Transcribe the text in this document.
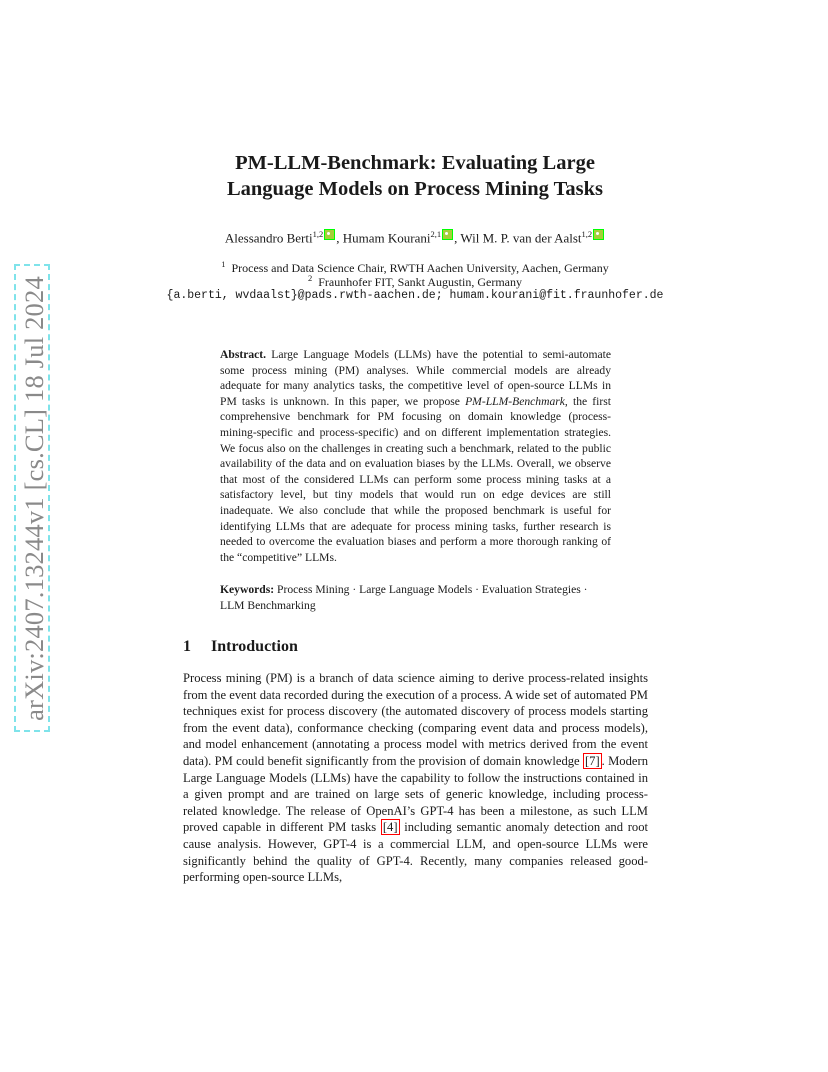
arXiv:2407.13244v1 [cs.CL] 18 Jul 2024
PM-LLM-Benchmark: Evaluating Large
Language Models on Process Mining Tasks
Alessandro Berti$^{1,2}$ , Humam Kourani$^{2,1}$ , Wil M. P. van der Aalst$^{1,2}$
$^1$ Process and Data Science Chair, RWTH Aachen University, Aachen, Germany
$^2$ Fraunhofer FIT, Sankt Augustin, Germany
{a.berti, wvdaalst}@pads.rwth-aachen.de; humam.kourani@fit.fraunhofer.de
Abstract. Large Language Models (LLMs) have the potential to semi-automate some process mining (PM) analyses. While commercial models are already adequate for many analytics tasks, the competitive level of open-source LLMs in PM tasks is unknown. In this paper, we propose PM-LLM-Benchmark, the first comprehensive benchmark for PM focusing on domain knowledge (process-mining-specific and process-specific) and on different implementation strategies. We focus also on the challenges in creating such a benchmark, related to the public availability of the data and on evaluation biases by the LLMs. Overall, we observe that most of the considered LLMs can perform some process mining tasks at a satisfactory level, but tiny models that would run on edge devices are still inadequate. We also conclude that while the proposed benchmark is useful for identifying LLMs that are adequate for process mining tasks, further research is needed to overcome the evaluation biases and perform a more thorough ranking of the “competitive” LLMs.
Keywords: Process Mining · Large Language Models · Evaluation Strategies · LLM Benchmarking
1 Introduction
Process mining (PM) is a branch of data science aiming to derive process-related insights from the event data recorded during the execution of a process. A wide set of automated PM techniques exist for process discovery (the automated discovery of process models starting from the event data), conformance checking (comparing event data and process models), and model enhancement (annotating a process model with metrics derived from the event data). PM could benefit significantly from the provision of domain knowledge [7] . Modern Large Language Models (LLMs) have the capability to follow the instructions contained in a given prompt and are trained on large sets of generic knowledge, including process-related knowledge. The release of OpenAI’s GPT-4 has been a milestone, as such LLM proved capable in different PM tasks [4] including semantic anomaly detection and root cause analysis. However, GPT-4 is a commercial LLM, and open-source LLMs were significantly behind the quality of GPT-4. Recently, many companies released good-performing open-source LLMs,
